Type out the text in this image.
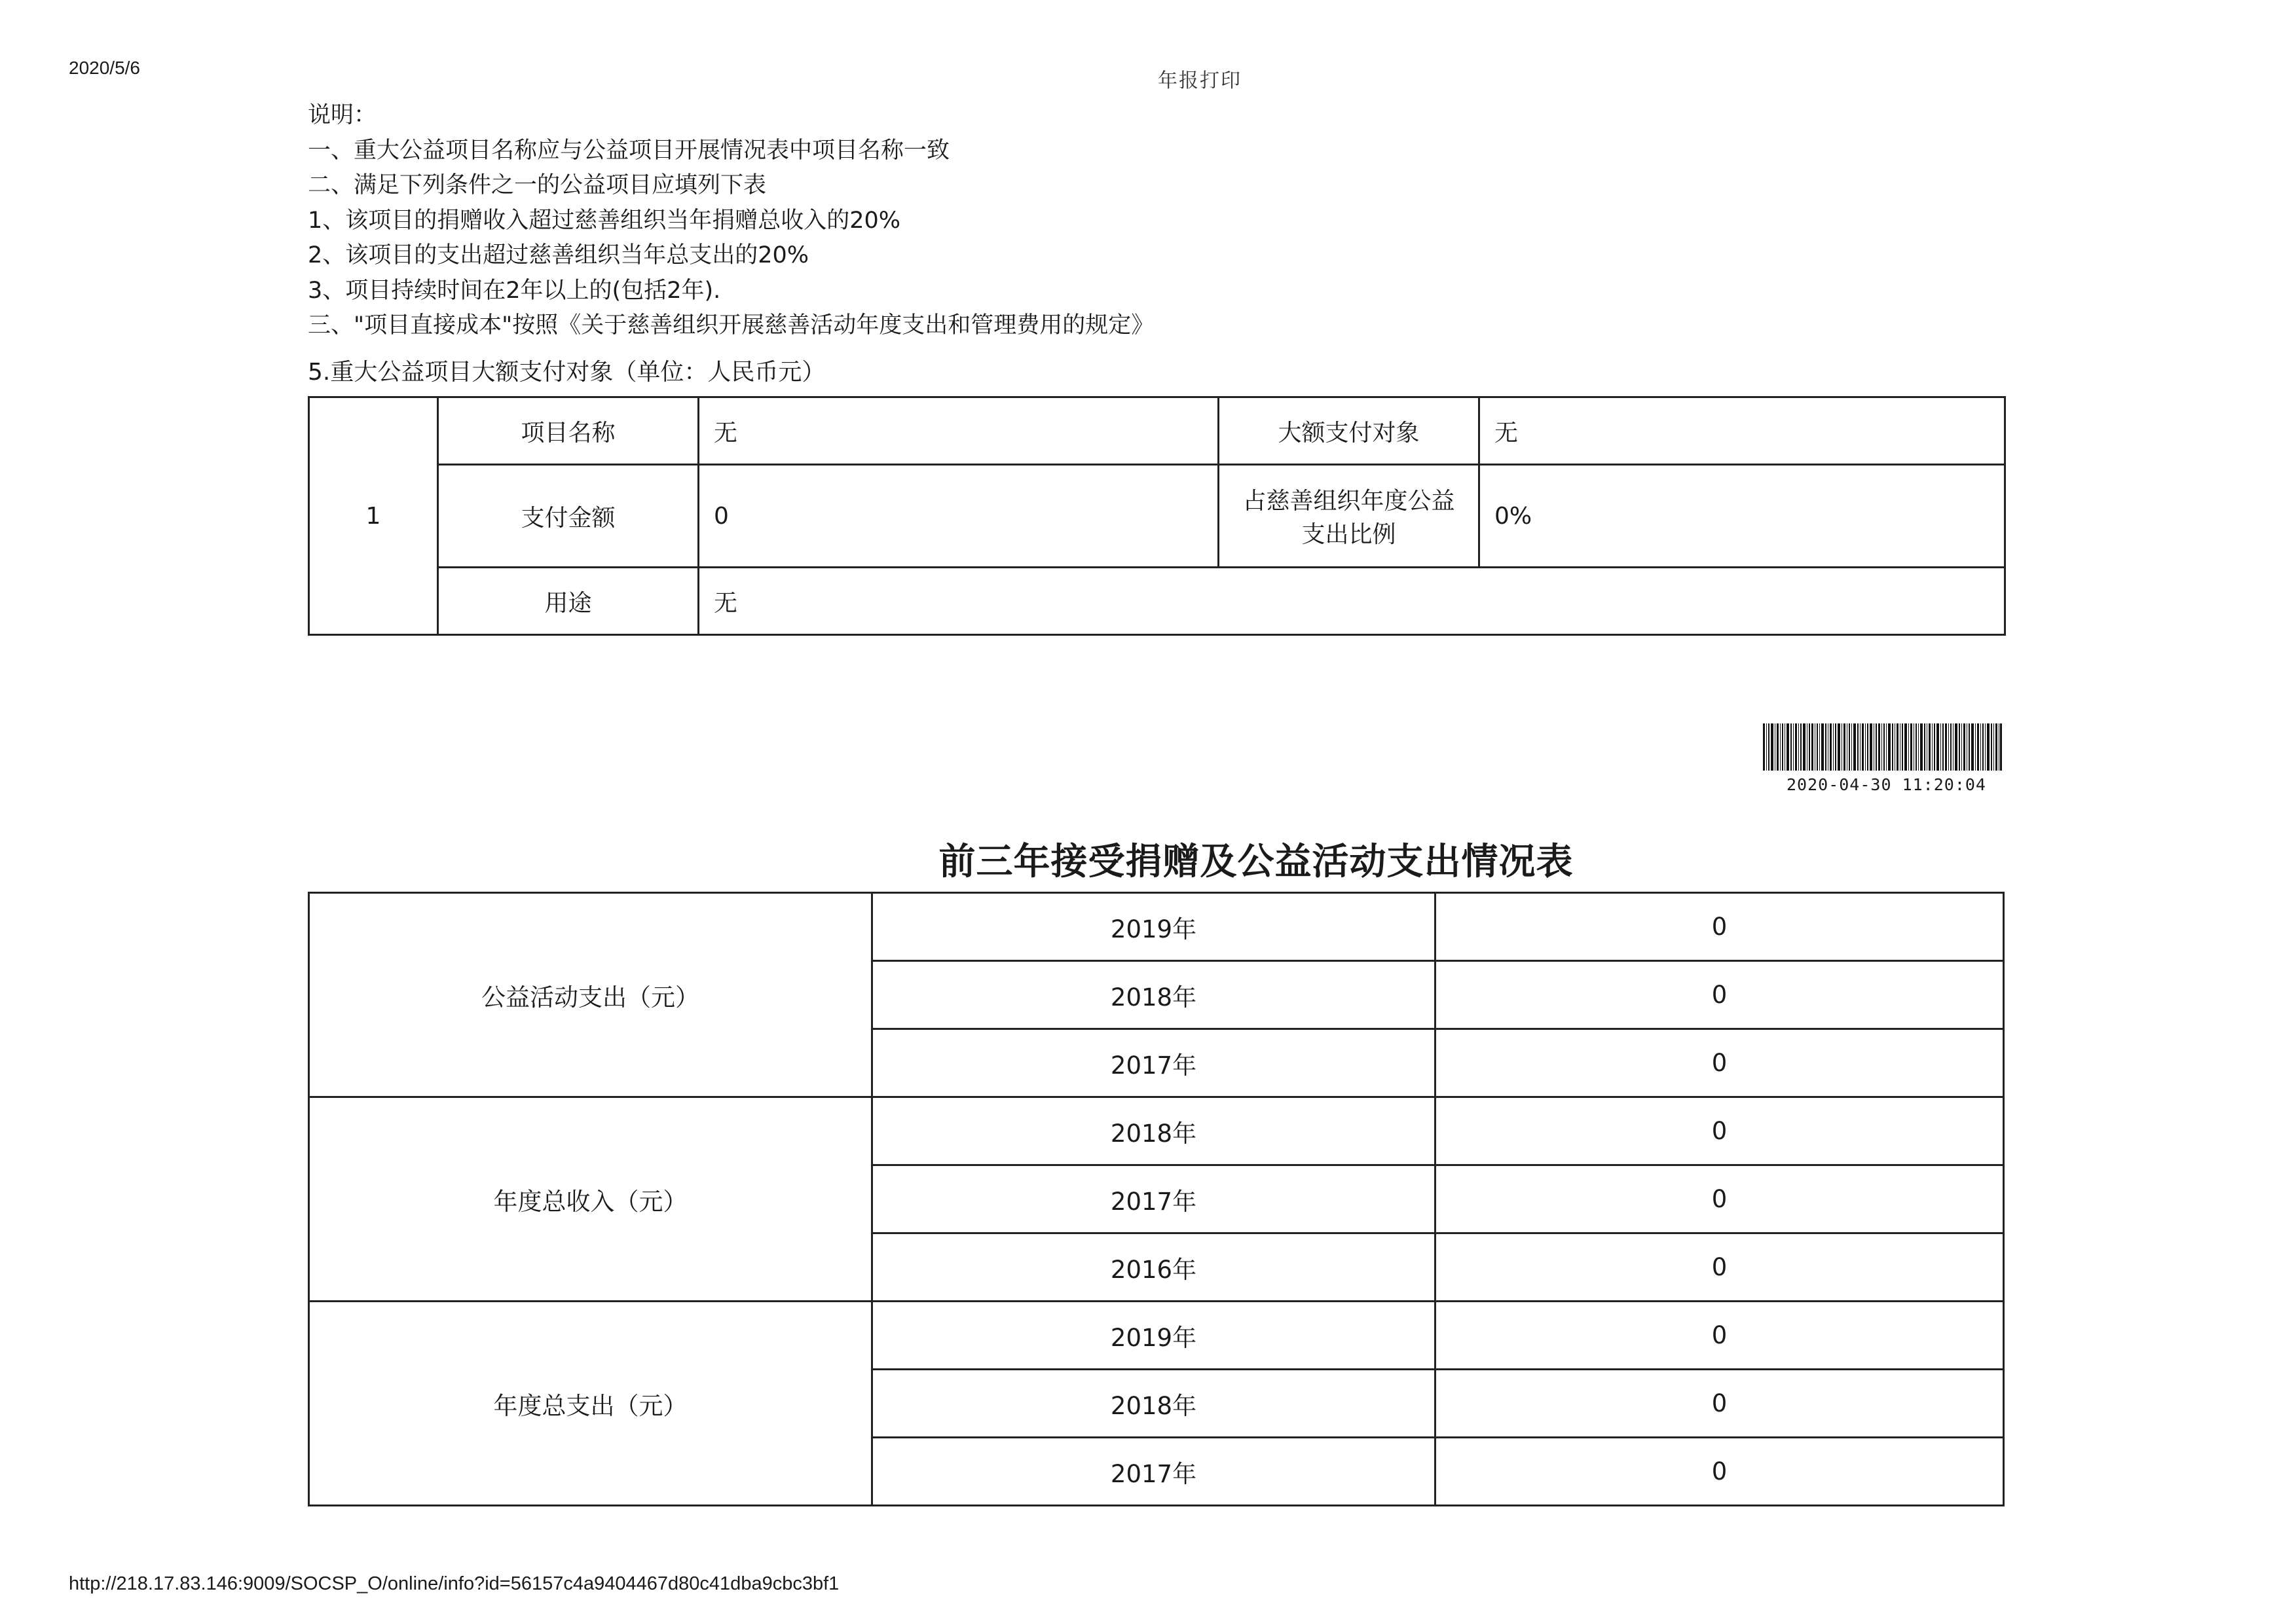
2020/5/6
年报打印
说明：
一、重大公益项目名称应与公益项目开展情况表中项目名称一致
二、满足下列条件之一的公益项目应填列下表
1、该项目的捐赠收入超过慈善组织当年捐赠总收入的20%
2、该项目的支出超过慈善组织当年总支出的20%
3、项目持续时间在2年以上的(包括2年).
三、"项目直接成本"按照《关于慈善组织开展慈善活动年度支出和管理费用的规定》
5.重大公益项目大额支付对象（单位：人民币元）
1	项目名称	无	大额支付对象	无
	支付金额	0	占慈善组织年度公益
支出比例	0%
	用途	无		
2020-04-30 11:20:04
前三年接受捐赠及公益活动支出情况表
公益活动支出（元）	2019年	0
	2018年	0
	2017年	0
年度总收入（元）	2018年	0
	2017年	0
	2016年	0
年度总支出（元）	2019年	0
	2018年	0
	2017年	0
http://218.17.83.146:9009/SOCSP_O/online/info?id=56157c4a9404467d80c41dba9cbc3bf1
